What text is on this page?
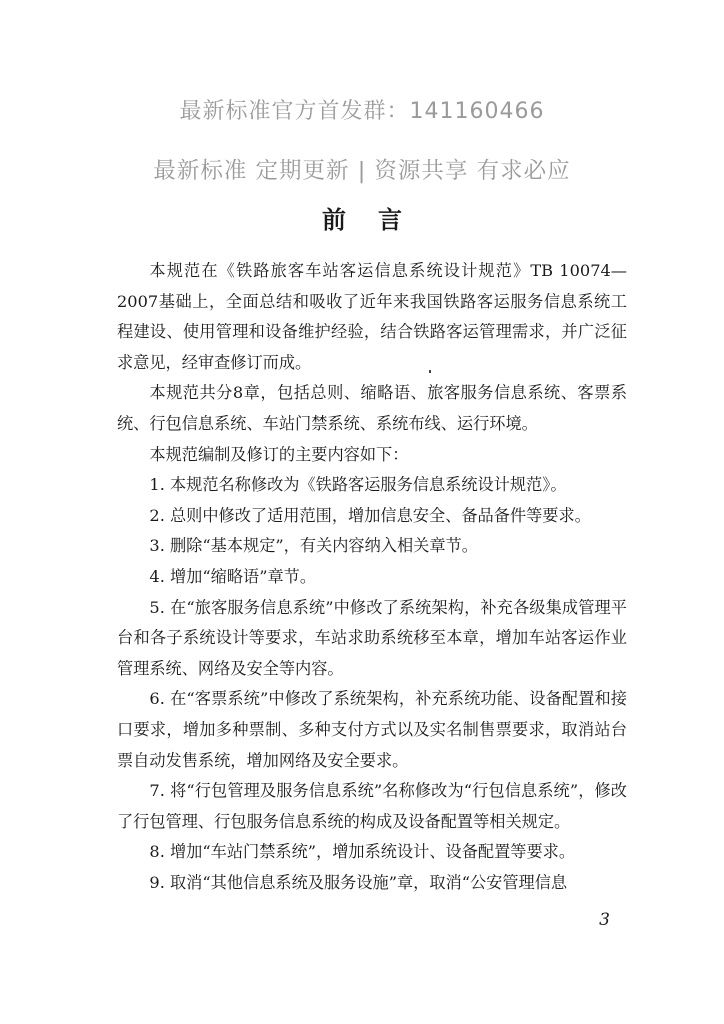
最新标准官方首发群：141160466
最新标准 定期更新 | 资源共享 有求必应
前言

本规范在《铁路旅客车站客运信息系统设计规范》TB 10074—2007基础上，全面总结和吸收了近年来我国铁路客运服务信息系统工程建设、使用管理和设备维护经验，结合铁路客运管理需求，并广泛征求意见，经审查修订而成。

本规范共分8章，包括总则、缩略语、旅客服务信息系统、客票系统、行包信息系统、车站门禁系统、系统布线、运行环境。

本规范编制及修订的主要内容如下：

1. 本规范名称修改为《铁路客运服务信息系统设计规范》。

2. 总则中修改了适用范围，增加信息安全、备品备件等要求。

3. 删除“基本规定”，有关内容纳入相关章节。

4. 增加“缩略语”章节。

5. 在“旅客服务信息系统”中修改了系统架构，补充各级集成管理平台和各子系统设计等要求，车站求助系统移至本章，增加车站客运作业管理系统、网络及安全等内容。

6. 在“客票系统”中修改了系统架构，补充系统功能、设备配置和接口要求，增加多种票制、多种支付方式以及实名制售票要求，取消站台票自动发售系统，增加网络及安全要求。

7. 将“行包管理及服务信息系统”名称修改为“行包信息系统”，修改了行包管理、行包服务信息系统的构成及设备配置等相关规定。

8. 增加“车站门禁系统”，增加系统设计、设备配置等要求。

9. 取消“其他信息系统及服务设施”章，取消“公安管理信息

3
